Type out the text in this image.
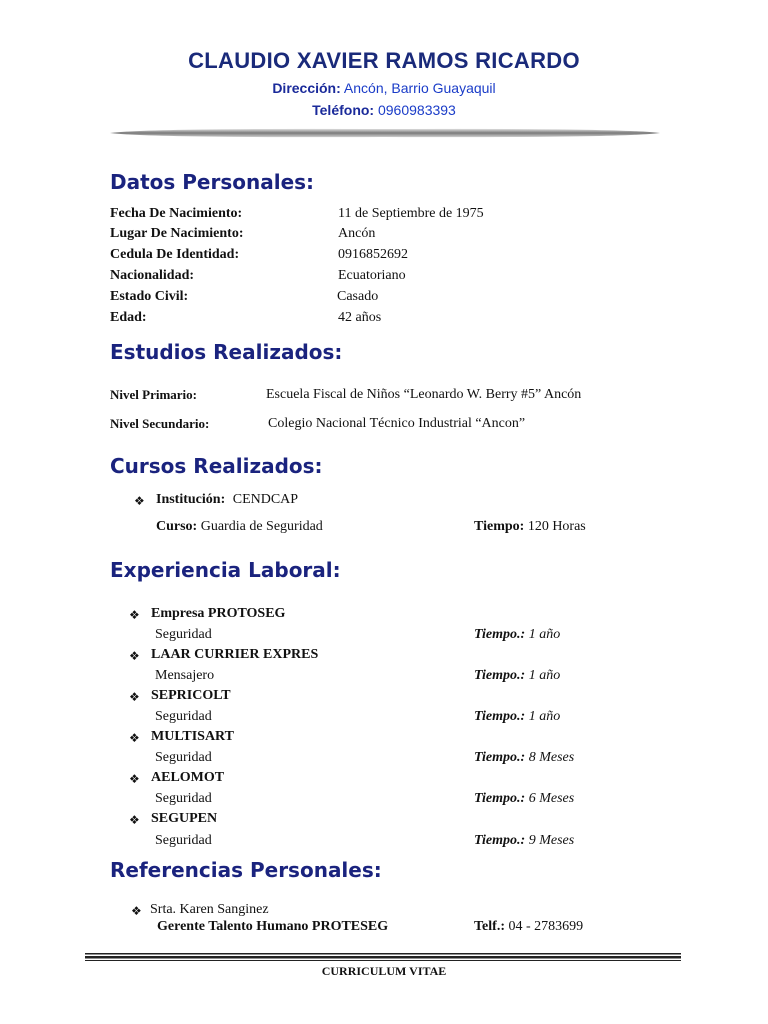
CLAUDIO XAVIER RAMOS RICARDO
Dirección: Ancón, Barrio Guayaquil
Teléfono: 0960983393
Datos Personales:
Fecha De Nacimiento:	11 de Septiembre de 1975
Lugar De Nacimiento:	Ancón
Cedula De Identidad:	0916852692
Nacionalidad:	Ecuatoriano
Estado Civil:	Casado
Edad:	42 años
Estudios Realizados:
Nivel Primario:	Escuela Fiscal de Niños “Leonardo W. Berry #5” Ancón
Nivel Secundario:	Colegio Nacional Técnico Industrial “Ancon”
Cursos Realizados:
❖ Institución: CENDCAP
Curso: Guardia de Seguridad	Tiempo: 120 Horas
Experiencia Laboral:
❖ Empresa PROTOSEG
Seguridad	Tiempo.: 1 año
❖ LAAR CURRIER EXPRES
Mensajero	Tiempo.: 1 año
❖ SEPRICOLT
Seguridad	Tiempo.: 1 año
❖ MULTISART
Seguridad	Tiempo.: 8 Meses
❖ AELOMOT
Seguridad	Tiempo.: 6 Meses
❖ SEGUPEN
Seguridad	Tiempo.: 9 Meses
Referencias Personales:
❖ Srta. Karen Sanginez
Gerente Talento Humano PROTESEG	Telf.: 04 - 2783699
CURRICULUM VITAE
